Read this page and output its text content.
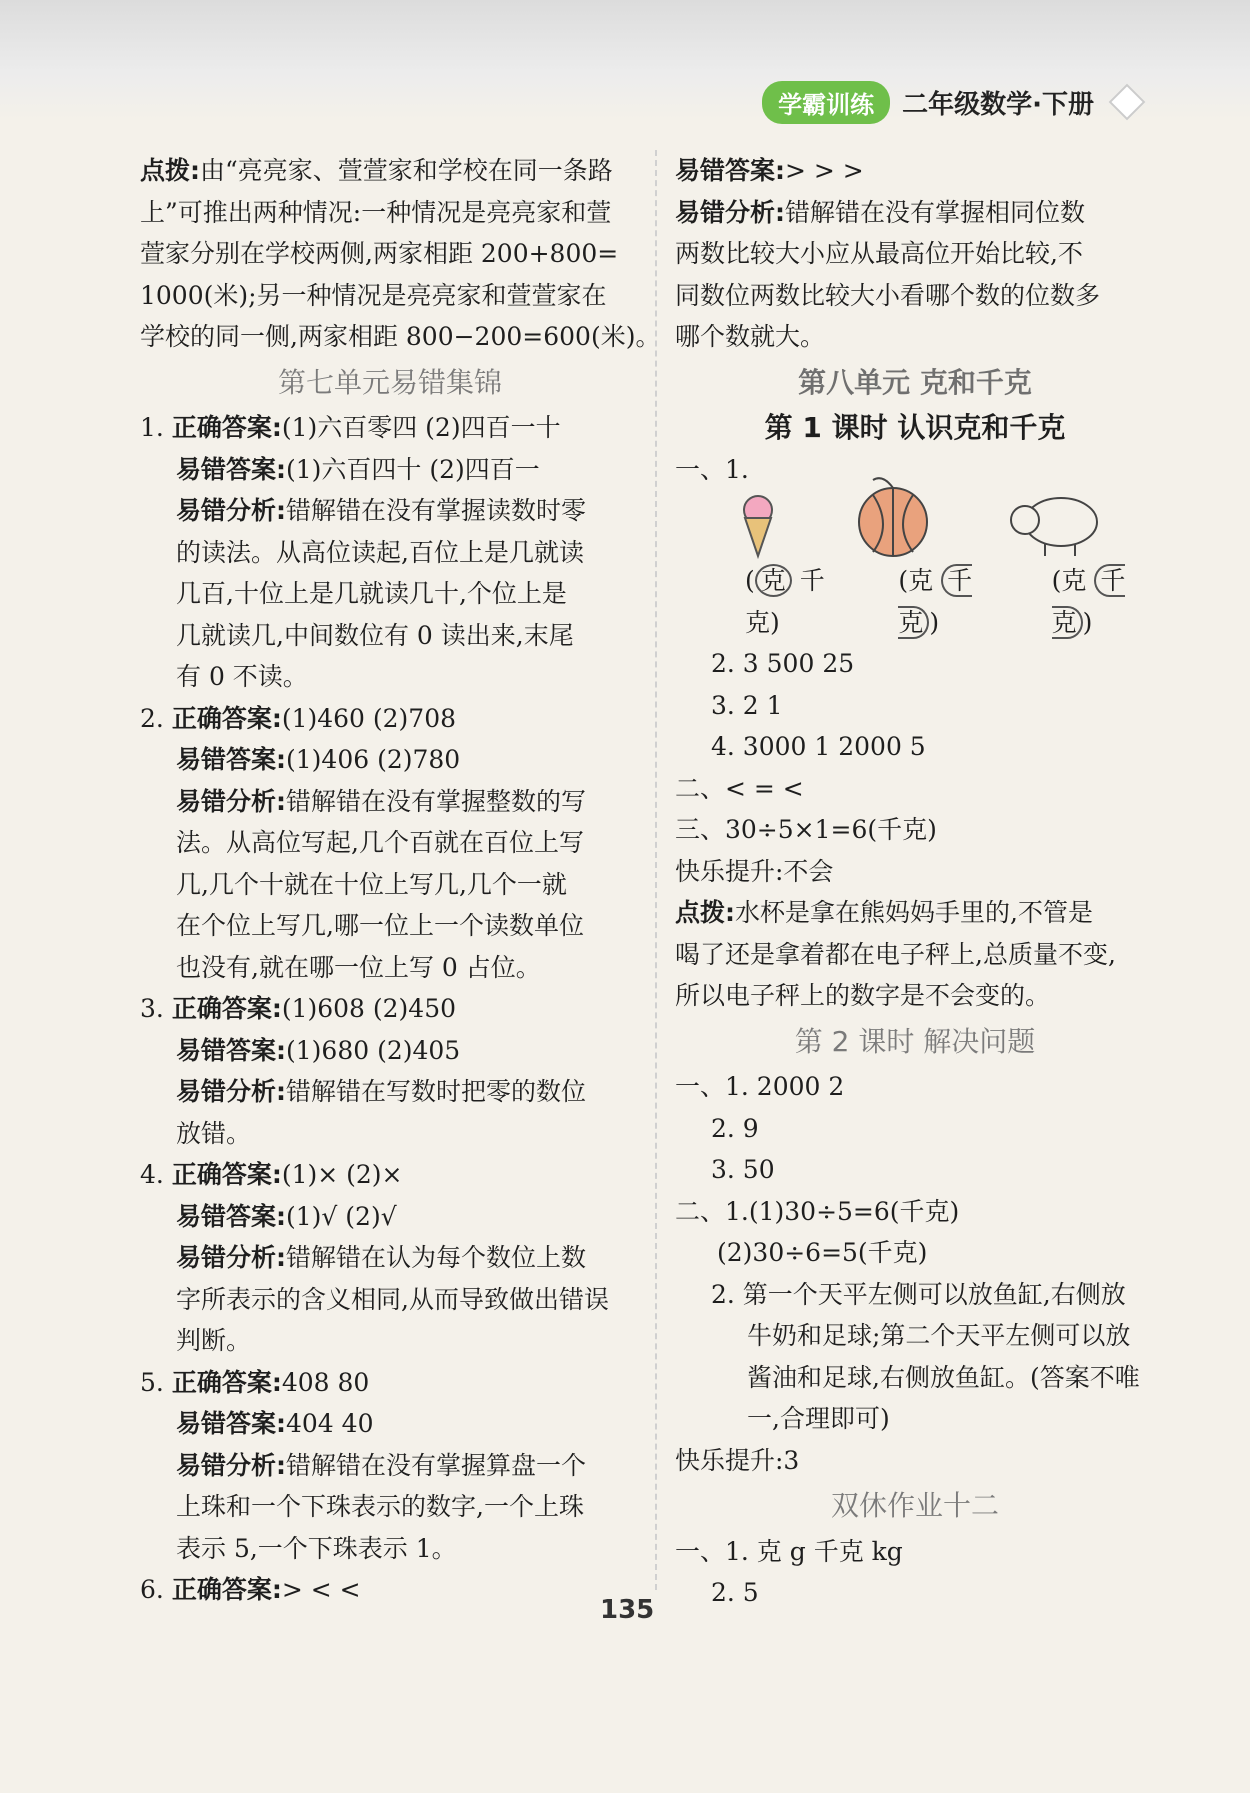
学霸训练	二年级数学·下册
点拨:由“亮亮家、萱萱家和学校在同一条路
上”可推出两种情况:一种情况是亮亮家和萱
萱家分别在学校两侧,两家相距 200+800=
1000(米);另一种情况是亮亮家和萱萱家在
学校的同一侧,两家相距 800−200=600(米)。
第七单元易错集锦
1. 正确答案:(1)六百零四 (2)四百一十
易错答案:(1)六百四十 (2)四百一
易错分析:错解错在没有掌握读数时零
的读法。从高位读起,百位上是几就读
几百,十位上是几就读几十,个位上是
几就读几,中间数位有 0 读出来,末尾
有 0 不读。
2. 正确答案:(1)460 (2)708
易错答案:(1)406 (2)780
易错分析:错解错在没有掌握整数的写
法。从高位写起,几个百就在百位上写
几,几个十就在十位上写几,几个一就
在个位上写几,哪一位上一个读数单位
也没有,就在哪一位上写 0 占位。
3. 正确答案:(1)608 (2)450
易错答案:(1)680 (2)405
易错分析:错解错在写数时把零的数位
放错。
4. 正确答案:(1)× (2)×
易错答案:(1)√ (2)√
易错分析:错解错在认为每个数位上数
字所表示的含义相同,从而导致做出错误
判断。
5. 正确答案:408 80
易错答案:404 40
易错分析:错解错在没有掌握算盘一个
上珠和一个下珠表示的数字,一个上珠
表示 5,一个下珠表示 1。
6. 正确答案:> < <
易错答案:> > >
易错分析:错解错在没有掌握相同位数
两数比较大小应从最高位开始比较,不
同数位两数比较大小看哪个数的位数多
哪个数就大。
第八单元 克和千克
第 1 课时 认识克和千克
一、1.
( 克 千克)
(克 千克 )
(克 千克 )
2. 3 500 25
3. 2 1
4. 3000 1 2000 5
二、< = <
三、30÷5×1=6(千克)
快乐提升:不会
点拨:水杯是拿在熊妈妈手里的,不管是
喝了还是拿着都在电子秤上,总质量不变,
所以电子秤上的数字是不会变的。
第 2 课时 解决问题
一、1. 2000 2
2. 9
3. 50
二、1.(1)30÷5=6(千克)
(2)30÷6=5(千克)
2. 第一个天平左侧可以放鱼缸,右侧放
牛奶和足球;第二个天平左侧可以放
酱油和足球,右侧放鱼缸。(答案不唯
一,合理即可)
快乐提升:3
双休作业十二
一、1. 克 g 千克 kg
2. 5
135
